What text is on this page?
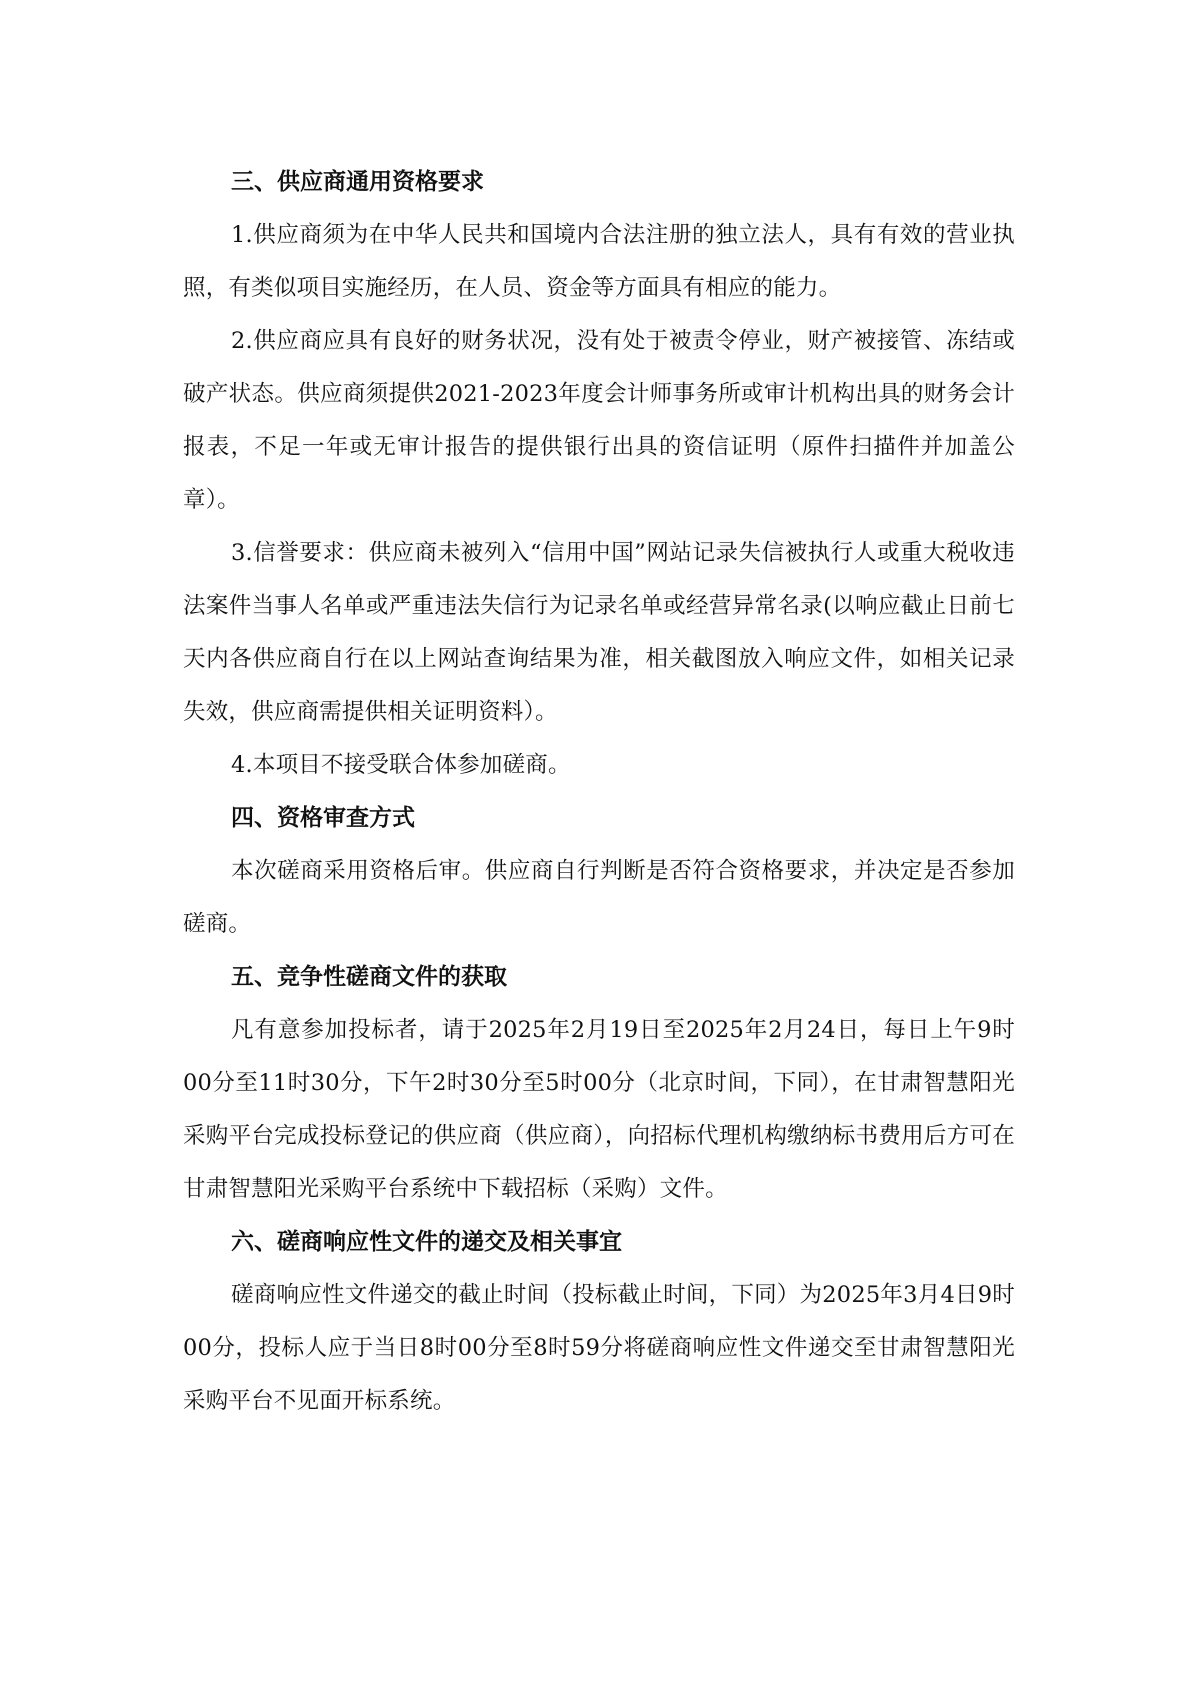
三、供应商通用资格要求

1.供应商须为在中华人民共和国境内合法注册的独立法人，具有有效的营业执照，有类似项目实施经历，在人员、资金等方面具有相应的能力。

2.供应商应具有良好的财务状况，没有处于被责令停业，财产被接管、冻结或破产状态。供应商须提供2021-2023年度会计师事务所或审计机构出具的财务会计报表，不足一年或无审计报告的提供银行出具的资信证明（原件扫描件并加盖公章）。

3.信誉要求：供应商未被列入“信用中国”网站记录失信被执行人或重大税收违法案件当事人名单或严重违法失信行为记录名单或经营异常名录(以响应截止日前七天内各供应商自行在以上网站查询结果为准，相关截图放入响应文件，如相关记录失效，供应商需提供相关证明资料）。

4.本项目不接受联合体参加磋商。

四、资格审查方式

本次磋商采用资格后审。供应商自行判断是否符合资格要求，并决定是否参加磋商。

五、竞争性磋商文件的获取

凡有意参加投标者，请于2025年2月19日至2025年2月24日，每日上午9时00分至11时30分，下午2时30分至5时00分（北京时间，下同），在甘肃智慧阳光采购平台完成投标登记的供应商（供应商），向招标代理机构缴纳标书费用后方可在甘肃智慧阳光采购平台系统中下载招标（采购）文件。

六、磋商响应性文件的递交及相关事宜

磋商响应性文件递交的截止时间（投标截止时间，下同）为2025年3月4日9时00分，投标人应于当日8时00分至8时59分将磋商响应性文件递交至甘肃智慧阳光采购平台不见面开标系统。
